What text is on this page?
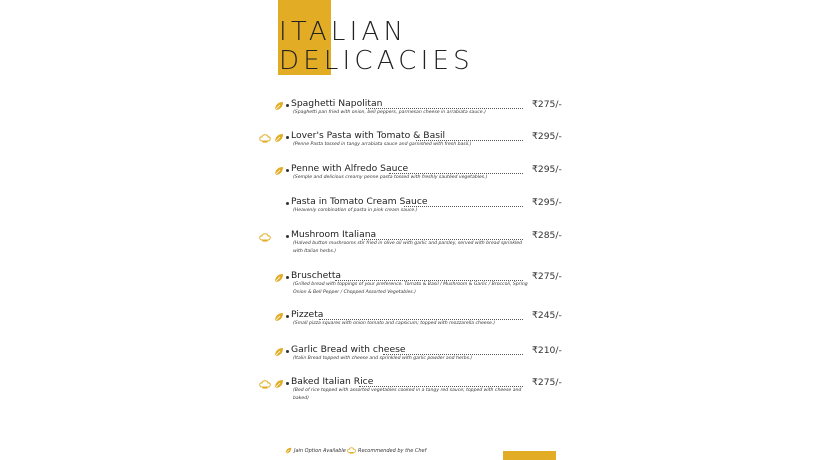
ITALIAN
DELICACIES
Spaghetti Napolitan	₹275/-
(Spaghetti pan fried with onion, bell peppers, parmesan cheese in arrabiata sauce.)
Lover's Pasta with Tomato & Basil	₹295/-
(Penne Pasta tossed in tangy arrabiata sauce and garnished with fresh basil.)
Penne with Alfredo Sauce	₹295/-
(Semple and delicious creamy penne pasta tossed with freshly sautéed vegetables.)
Pasta in Tomato Cream Sauce	₹295/-
(Heavenly combination of pasta in pink cream sauce.)
Mushroom Italiana	₹285/-
(Halved button mushrooms stir fried in olive oil with garlic and parsley, served with bread sprinkled with Italian herbs.)
Bruschetta	₹275/-
(Grilled bread with toppings of your preference. Tomato & Basil / Mushroom & Garlic / Broccoli, Spring Onion & Bell Pepper / Chopped Assorted Vegetables.)
Pizzeta	₹245/-
(Small pizza squares with onion tomato and capsicum; topped with mozzarella cheese.)
Garlic Bread with cheese	₹210/-
(Italin Bread topped with cheese and sprinkled with garlic powder and herbs.)
Baked Italian Rice	₹275/-
(Bed of rice topped with assorted vegetables cooked in a tangy red sauce; topped with cheese and baked)
Jain Option Available	Recommended by the Chef
